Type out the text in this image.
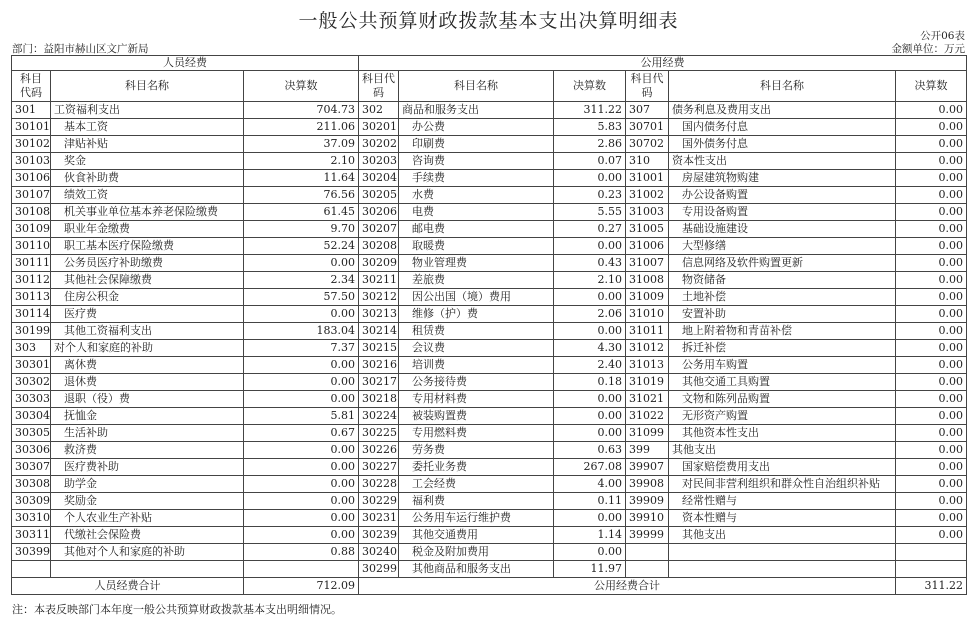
一般公共预算财政拨款基本支出决算明细表
公开06表
部门：益阳市赫山区文广新局	金额单位：万元
人员经费			公用经费					
科目代码	科目名称	决算数	科目代码	科目名称	决算数	科目代码	科目名称	决算数
301	工资福利支出	704.73	302	商品和服务支出	311.22	307	债务利息及费用支出	0.00
30101	基本工资	211.06	30201	办公费	5.83	30701	国内债务付息	0.00
30102	津贴补贴	37.09	30202	印刷费	2.86	30702	国外债务付息	0.00
30103	奖金	2.10	30203	咨询费	0.07	310	资本性支出	0.00
30106	伙食补助费	11.64	30204	手续费	0.00	31001	房屋建筑物购建	0.00
30107	绩效工资	76.56	30205	水费	0.23	31002	办公设备购置	0.00
30108	机关事业单位基本养老保险缴费	61.45	30206	电费	5.55	31003	专用设备购置	0.00
30109	职业年金缴费	9.70	30207	邮电费	0.27	31005	基础设施建设	0.00
30110	职工基本医疗保险缴费	52.24	30208	取暖费	0.00	31006	大型修缮	0.00
30111	公务员医疗补助缴费	0.00	30209	物业管理费	0.43	31007	信息网络及软件购置更新	0.00
30112	其他社会保障缴费	2.34	30211	差旅费	2.10	31008	物资储备	0.00
30113	住房公积金	57.50	30212	因公出国（境）费用	0.00	31009	土地补偿	0.00
30114	医疗费	0.00	30213	维修（护）费	2.06	31010	安置补助	0.00
30199	其他工资福利支出	183.04	30214	租赁费	0.00	31011	地上附着物和青苗补偿	0.00
303	对个人和家庭的补助	7.37	30215	会议费	4.30	31012	拆迁补偿	0.00
30301	离休费	0.00	30216	培训费	2.40	31013	公务用车购置	0.00
30302	退休费	0.00	30217	公务接待费	0.18	31019	其他交通工具购置	0.00
30303	退职（役）费	0.00	30218	专用材料费	0.00	31021	文物和陈列品购置	0.00
30304	抚恤金	5.81	30224	被装购置费	0.00	31022	无形资产购置	0.00
30305	生活补助	0.67	30225	专用燃料费	0.00	31099	其他资本性支出	0.00
30306	救济费	0.00	30226	劳务费	0.63	399	其他支出	0.00
30307	医疗费补助	0.00	30227	委托业务费	267.08	39907	国家赔偿费用支出	0.00
30308	助学金	0.00	30228	工会经费	4.00	39908	对民间非营利组织和群众性自治组织补贴	0.00
30309	奖励金	0.00	30229	福利费	0.11	39909	经常性赠与	0.00
30310	个人农业生产补贴	0.00	30231	公务用车运行维护费	0.00	39910	资本性赠与	0.00
30311	代缴社会保险费	0.00	30239	其他交通费用	1.14	39999	其他支出	0.00
30399	其他对个人和家庭的补助	0.88	30240	税金及附加费用	0.00			
			30299	其他商品和服务支出	11.97			
人员经费合计		712.09	公用经费合计					311.22
注：本表反映部门本年度一般公共预算财政拨款基本支出明细情况。
